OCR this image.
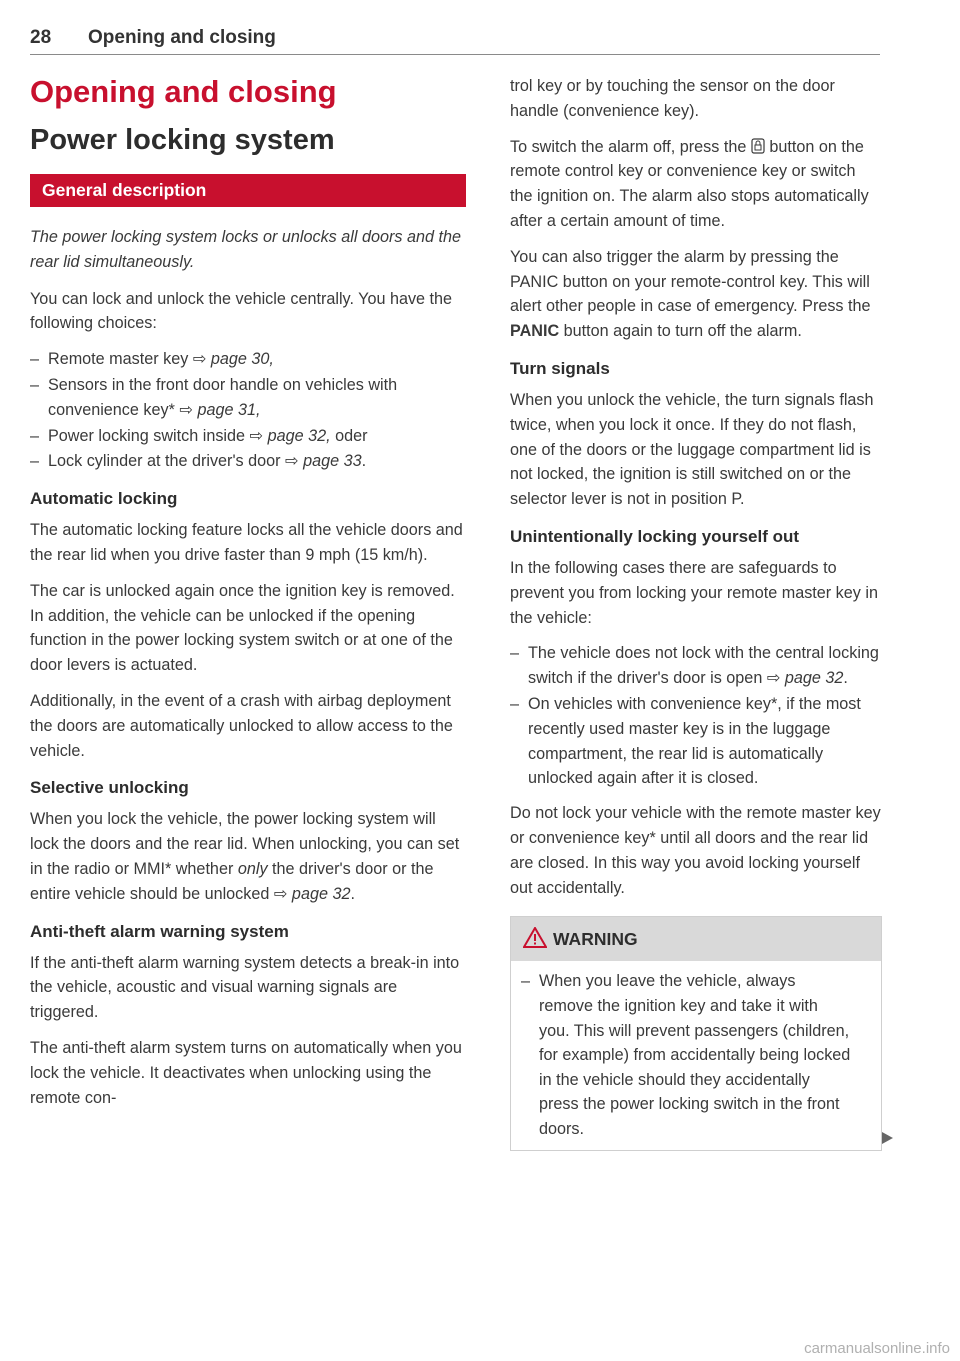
28 Opening and closing
Opening and closing
Power locking system
General description

The power locking system locks or unlocks all doors and the rear lid simultaneously.

You can lock and unlock the vehicle centrally. You have the following choices:

– Remote master key ⇨ page 30,
– Sensors in the front door handle on vehicles with convenience key* ⇨ page 31,
– Power locking switch inside ⇨ page 32, oder
– Lock cylinder at the driver's door ⇨ page 33.
Automatic locking

The automatic locking feature locks all the vehicle doors and the rear lid when you drive faster than 9 mph (15 km/h).

The car is unlocked again once the ignition key is removed. In addition, the vehicle can be unlocked if the opening function in the power locking system switch or at one of the door levers is actuated.

Additionally, in the event of a crash with airbag deployment the doors are automatically unlocked to allow access to the vehicle.

Selective unlocking

When you lock the vehicle, the power locking system will lock the doors and the rear lid. When unlocking, you can set in the radio or MMI* whether only the driver's door or the entire vehicle should be unlocked ⇨ page 32.

Anti-theft alarm warning system

If the anti-theft alarm warning system detects a break-in into the vehicle, acoustic and visual warning signals are triggered.

The anti-theft alarm system turns on automatically when you lock the vehicle. It deactivates when unlocking using the remote con-

trol key or by touching the sensor on the door handle (convenience key).

To switch the alarm off, press the  button on the remote control key or convenience key or switch the ignition on. The alarm also stops automatically after a certain amount of time.

You can also trigger the alarm by pressing the PANIC button on your remote-control key. This will alert other people in case of emergency. Press the PANIC button again to turn off the alarm.

Turn signals

When you unlock the vehicle, the turn signals flash twice, when you lock it once. If they do not flash, one of the doors or the luggage compartment lid is not locked, the ignition is still switched on or the selector lever is not in position P.

Unintentionally locking yourself out

In the following cases there are safeguards to prevent you from locking your remote master key in the vehicle:

– The vehicle does not lock with the central locking switch if the driver's door is open ⇨ page 32.
– On vehicles with convenience key*, if the most recently used master key is in the luggage compartment, the rear lid is automatically unlocked again after it is closed.

Do not lock your vehicle with the remote master key or convenience key* until all doors and the rear lid are closed. In this way you avoid locking yourself out accidentally.

WARNING
– When you leave the vehicle, always remove the ignition key and take it with you. This will prevent passengers (children, for example) from accidentally being locked in the vehicle should they accidentally press the power locking switch in the front doors.
carmanualsonline.info
